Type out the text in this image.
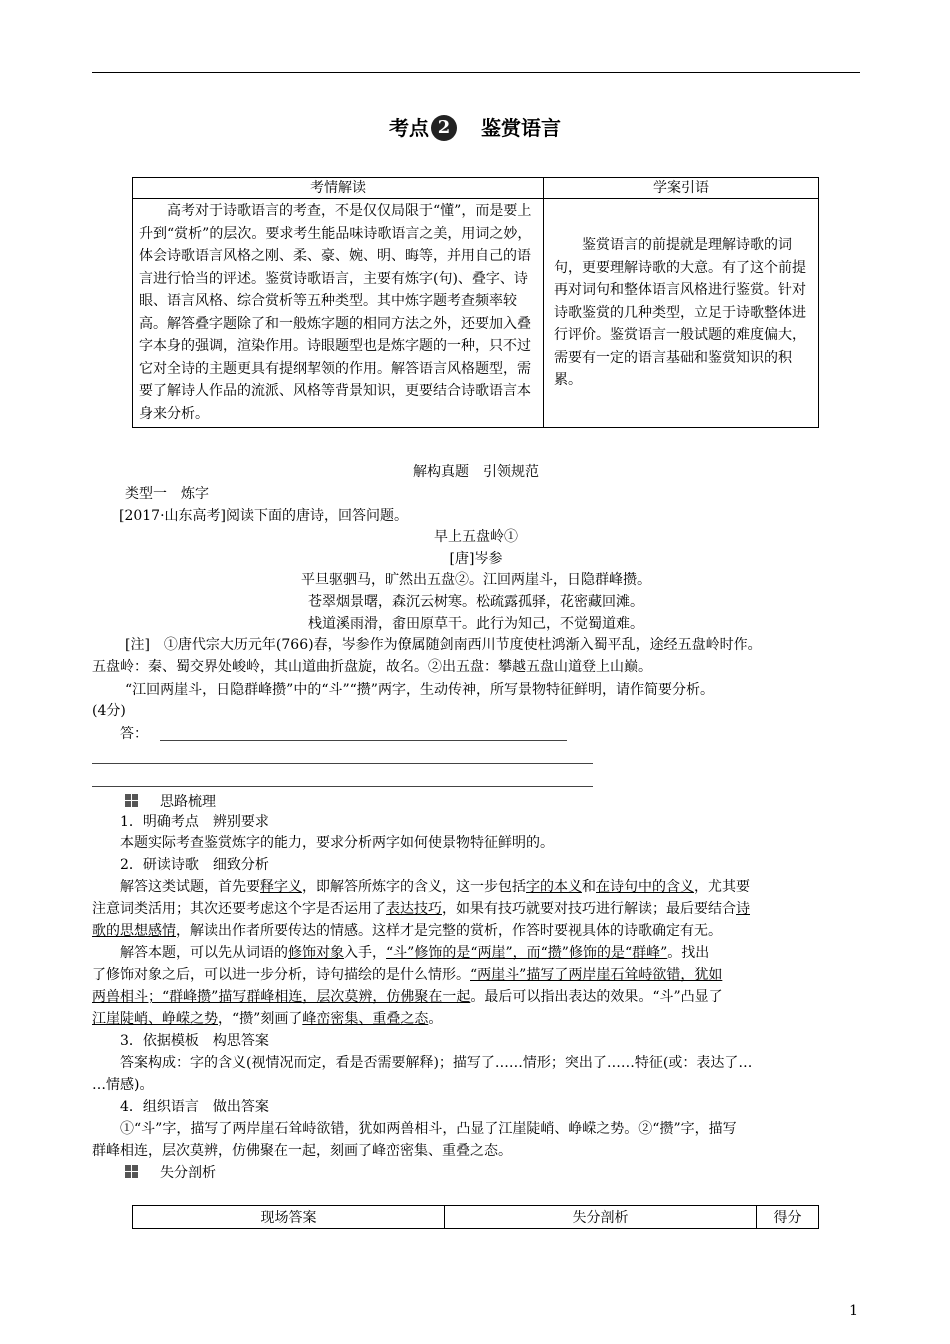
考点 2 鉴赏语言
考情解读	学案引语

高考对于诗歌语言的考查，不是仅仅局限于“懂”，而是要上升到“赏析”的层次。要求考生能品味诗歌语言之美，用词之妙，体会诗歌语言风格之刚、柔、豪、婉、明、晦等，并用自己的语言进行恰当的评述。鉴赏诗歌语言，主要有炼字(句)、叠字、诗眼、语言风格、综合赏析等五种类型。其中炼字题考查频率较高。解答叠字题除了和一般炼字题的相同方法之外，还要加入叠字本身的强调，渲染作用。诗眼题型也是炼字题的一种，只不过它对全诗的主题更具有提纲挈领的作用。解答语言风格题型，需要了解诗人作品的流派、风格等背景知识，更要结合诗歌语言本身来分析。	鉴赏语言的前提就是理解诗歌的词句，更要理解诗歌的大意。有了这个前提再对词句和整体语言风格进行鉴赏。针对诗歌鉴赏的几种类型，立足于诗歌整体进行评价。鉴赏语言一般试题的难度偏大，需要有一定的语言基础和鉴赏知识的积累。

解构真题　引领规范
类型一　炼字
[2017·山东高考]阅读下面的唐诗，回答问题。
早上五盘岭①
[唐]岑参
平旦驱驷马，旷然出五盘②。江回两崖斗，日隐群峰攒。
苍翠烟景曙，森沉云树寒。松疏露孤驿，花密藏回滩。
栈道溪雨滑，畬田原草干。此行为知己，不觉蜀道难。
[注]　①唐代宗大历元年(766)春，岑参作为僚属随剑南西川节度使杜鸿渐入蜀平乱，途经五盘岭时作。
五盘岭：秦、蜀交界处峻岭，其山道曲折盘旋，故名。②出五盘：攀越五盘山道登上山巅。
“江回两崖斗，日隐群峰攒”中的“斗”“攒”两字，生动传神，所写景物特征鲜明，请作简要分析。
(4分)
答：
思路梳理
1．明确考点　辨别要求
本题实际考查鉴赏炼字的能力，要求分析两字如何使景物特征鲜明的。
2．研读诗歌　细致分析
解答这类试题，首先要释字义，即解答所炼字的含义，这一步包括字的本义和在诗句中的含义，尤其要
注意词类活用；其次还要考虑这个字是否运用了表达技巧，如果有技巧就要对技巧进行解读；最后要结合诗
歌的思想感情，解读出作者所要传达的情感。这样才是完整的赏析，作答时要视具体的诗歌确定有无。
解答本题，可以先从词语的修饰对象入手，“斗”修饰的是“两崖”，而“攒”修饰的是“群峰”。找出
了修饰对象之后，可以进一步分析，诗句描绘的是什么情形。“两崖斗”描写了两岸崖石耸峙欲错，犹如
两兽相斗；“群峰攒”描写群峰相连，层次莫辨，仿佛聚在一起。最后可以指出表达的效果。“斗”凸显了
江崖陡峭、峥嵘之势，“攒”刻画了峰峦密集、重叠之态。
3．依据模板　构思答案
答案构成：字的含义(视情况而定，看是否需要解释)；描写了……情形；突出了……特征(或：表达了…
…情感)。
4．组织语言　做出答案
①“斗”字，描写了两岸崖石耸峙欲错，犹如两兽相斗，凸显了江崖陡峭、峥嵘之势。②“攒”字，描写
群峰相连，层次莫辨，仿佛聚在一起，刻画了峰峦密集、重叠之态。
失分剖析
现场答案	失分剖析	得分
1
